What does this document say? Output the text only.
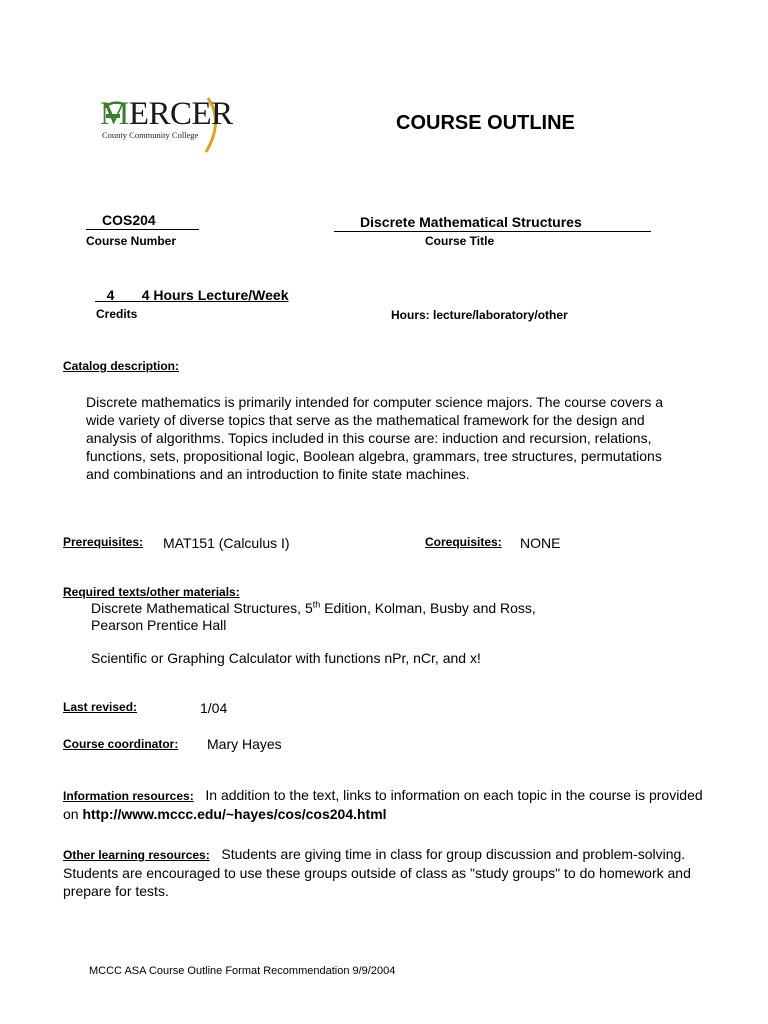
MERCER
County Community College
COURSE OUTLINE
COS204	Discrete Mathematical Structures
Course Number	Course Title
4_     4 Hours Lecture/Week
Credits	Hours: lecture/laboratory/other
Catalog description:
Discrete mathematics is primarily intended for computer science majors. The course covers a wide variety of diverse topics that serve as the mathematical framework for the design and analysis of algorithms. Topics included in this course are: induction and recursion, relations, functions, sets, propositional logic, Boolean algebra, grammars, tree structures, permutations and combinations and an introduction to finite state machines.
Prerequisites: MAT151 (Calculus I)	Corequisites: NONE
Required texts/other materials:
Discrete Mathematical Structures, 5th Edition, Kolman, Busby and Ross,
Pearson Prentice Hall
Scientific or Graphing Calculator with functions nPr, nCr, and x!
Last revised:	1/04
Course coordinator: Mary Hayes
Information resources: In addition to the text, links to information on each topic in the course is provided on http://www.mccc.edu/~hayes/cos/cos204.html
Other learning resources: Students are giving time in class for group discussion and problem-solving. Students are encouraged to use these groups outside of class as "study groups" to do homework and prepare for tests.
MCCC ASA Course Outline Format Recommendation 9/9/2004
